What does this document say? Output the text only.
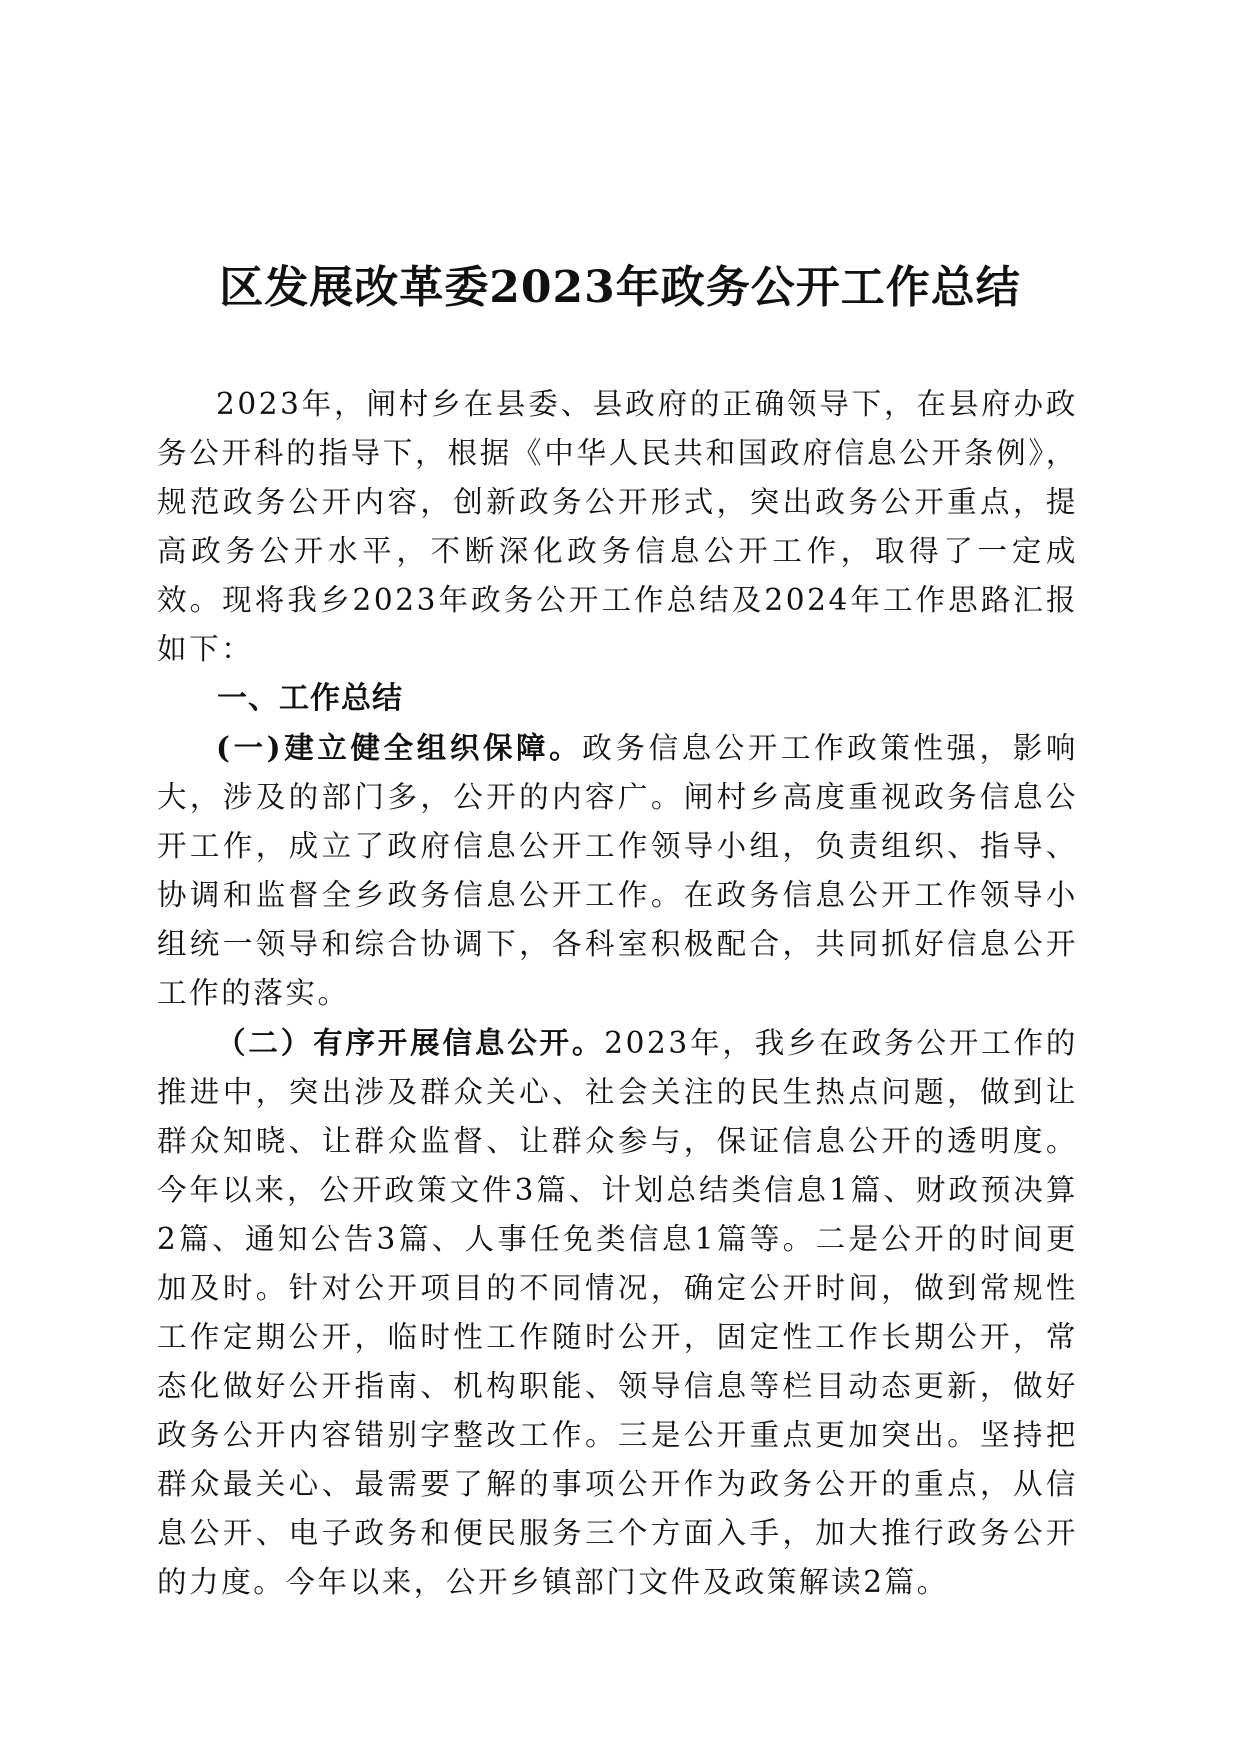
区发展改革委2023年政务公开工作总结

2023年，闸村乡在县委、县政府的正确领导下，在县府办政务公开科的指导下，根据《中华人民共和国政府信息公开条例》，规范政务公开内容，创新政务公开形式，突出政务公开重点，提高政务公开水平，不断深化政务信息公开工作，取得了一定成效。现将我乡2023年政务公开工作总结及2024年工作思路汇报如下：

一、工作总结

(一)建立健全组织保障。政务信息公开工作政策性强，影响大，涉及的部门多，公开的内容广。闸村乡高度重视政务信息公开工作，成立了政府信息公开工作领导小组，负责组织、指导、协调和监督全乡政务信息公开工作。在政务信息公开工作领导小组统一领导和综合协调下，各科室积极配合，共同抓好信息公开工作的落实。

（二）有序开展信息公开。2023年，我乡在政务公开工作的推进中，突出涉及群众关心、社会关注的民生热点问题，做到让群众知晓、让群众监督、让群众参与，保证信息公开的透明度。今年以来，公开政策文件3篇、计划总结类信息1篇、财政预决算2篇、通知公告3篇、人事任免类信息1篇等。二是公开的时间更加及时。针对公开项目的不同情况，确定公开时间，做到常规性工作定期公开，临时性工作随时公开，固定性工作长期公开，常态化做好公开指南、机构职能、领导信息等栏目动态更新，做好政务公开内容错别字整改工作。三是公开重点更加突出。坚持把群众最关心、最需要了解的事项公开作为政务公开的重点，从信息公开、电子政务和便民服务三个方面入手，加大推行政务公开的力度。今年以来，公开乡镇部门文件及政策解读2篇。
